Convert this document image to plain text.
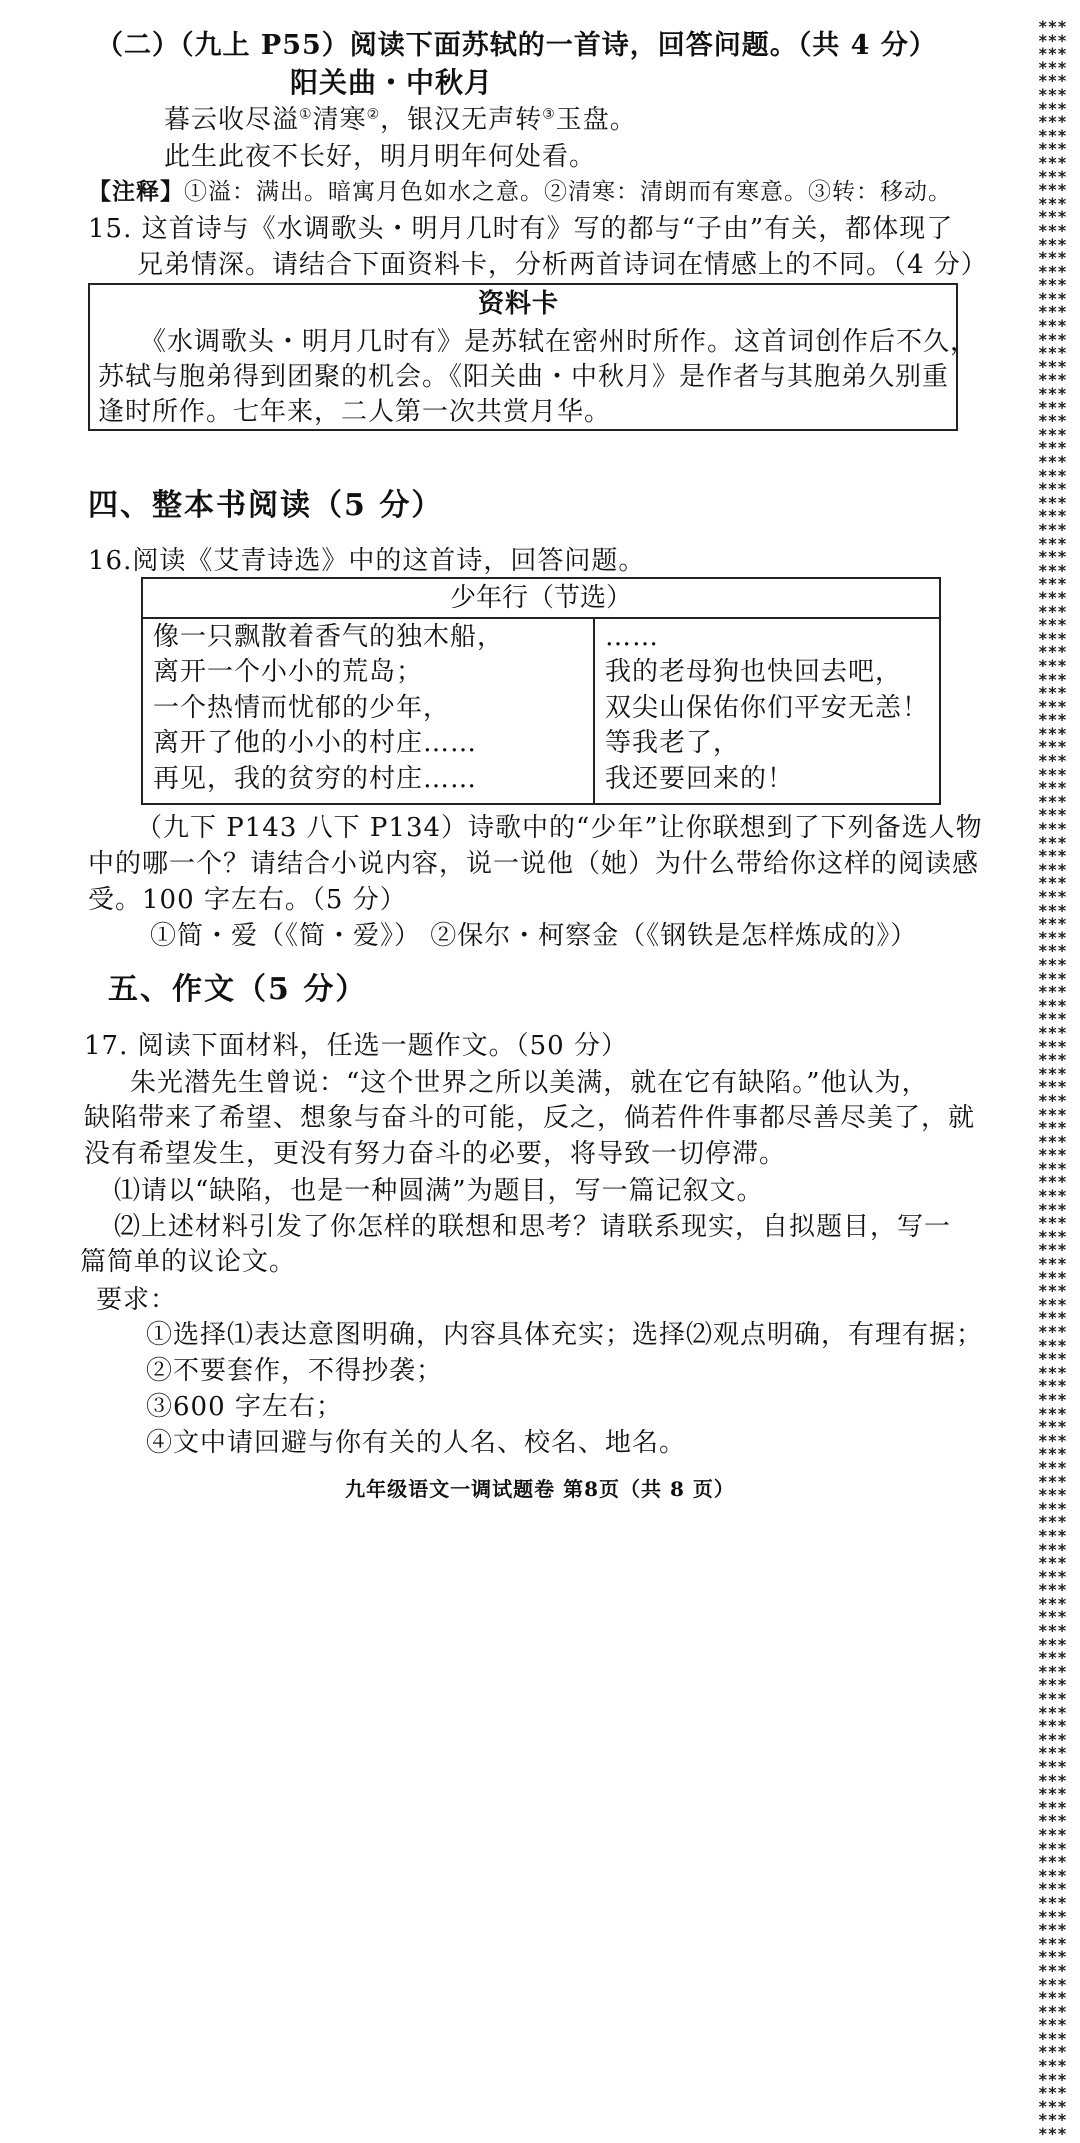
（二）（九上 P55）阅读下面苏轼的一首诗，回答问题。（共 4 分）
阳关曲・中秋月
暮云收尽溢①清寒②，银汉无声转③玉盘。
此生此夜不长好，明月明年何处看。
【注释】①溢：满出。暗寓月色如水之意。②清寒：清朗而有寒意。③转：移动。
15. 这首诗与《水调歌头・明月几时有》写的都与“子由”有关，都体现了
兄弟情深。请结合下面资料卡，分析两首诗词在情感上的不同。（4 分）
资料卡
《水调歌头・明月几时有》是苏轼在密州时所作。这首词创作后不久，
苏轼与胞弟得到团聚的机会。《阳关曲・中秋月》是作者与其胞弟久别重
逢时所作。七年来，二人第一次共赏月华。
四、整本书阅读（5 分）
16.阅读《艾青诗选》中的这首诗，回答问题。
少年行（节选）
像一只飘散着香气的独木船，
离开一个小小的荒岛；
一个热情而忧郁的少年，
离开了他的小小的村庄……
再见，我的贫穷的村庄……
……
我的老母狗也快回去吧，
双尖山保佑你们平安无恙！
等我老了，
我还要回来的！
（九下 P143 八下 P134）诗歌中的“少年”让你联想到了下列备选人物
中的哪一个？请结合小说内容，说一说他（她）为什么带给你这样的阅读感
受。100 字左右。（5 分）
①简・爱（《简・爱》） ②保尔・柯察金（《钢铁是怎样炼成的》）
五、作文（5 分）
17. 阅读下面材料，任选一题作文。（50 分）
朱光潜先生曾说：“这个世界之所以美满，就在它有缺陷。”他认为，
缺陷带来了希望、想象与奋斗的可能，反之，倘若件件事都尽善尽美了，就
没有希望发生，更没有努力奋斗的必要，将导致一切停滞。
⑴请以“缺陷，也是一种圆满”为题目，写一篇记叙文。
⑵上述材料引发了你怎样的联想和思考？请联系现实，自拟题目，写一
篇简单的议论文。
要求：
①选择⑴表达意图明确，内容具体充实；选择⑵观点明确，有理有据；
②不要套作，不得抄袭；
③600 字左右；
④文中请回避与你有关的人名、校名、地名。
九年级语文一调试题卷 第8页（共 8 页）
************************************************************************************************************************************************************************************************************************************************************************************************************************************************************************************************************************************************************************************
